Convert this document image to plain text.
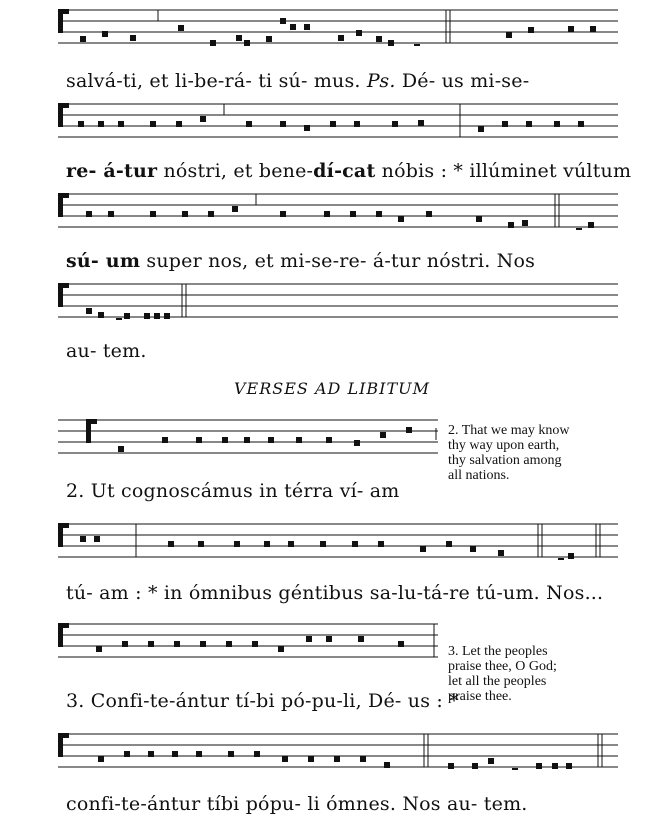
salvá-ti, et li-be-rá- ti sú- mus. Ps. Dé- us mi-se-
re- á-tur nóstri, et bene-dí-cat nóbis : * illúminet vúltum
sú- um super nos, et mi-se-re- á-tur nóstri. Nos
au- tem.
VERSES AD LIBITUM
2. That we may know
thy way upon earth,
thy salvation among
all nations.
2. Ut cognoscámus in térra ví- am
tú- am : * in ómnibus géntibus sa-lu-tá-re tú-um. Nos...
3. Let the peoples
praise thee, O God;
let all the peoples
praise thee.
3. Confi-te-ántur tí-bi pó-pu-li, Dé- us : *
confi-te-ántur tíbi pópu- li ómnes. Nos au- tem.
